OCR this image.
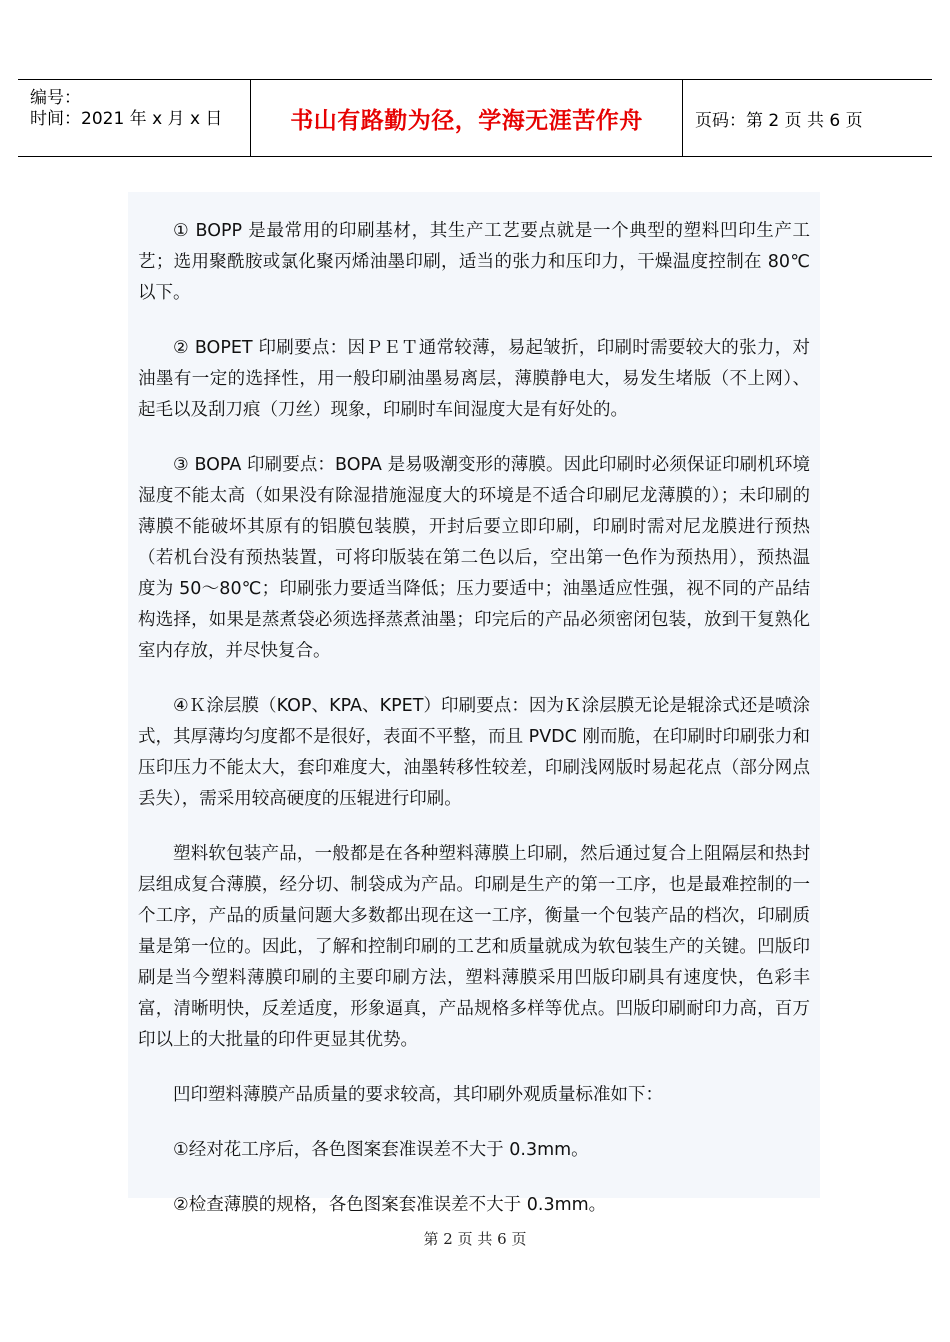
编号：
时间：2021 年 x 月 x 日	书山有路勤为径，学海无涯苦作舟	页码：第 2 页 共 6 页

① BOPP 是最常用的印刷基材，其生产工艺要点就是一个典型的塑料凹印生产工艺；选用聚酰胺或氯化聚丙烯油墨印刷，适当的张力和压印力，干燥温度控制在 80℃以下。

② BOPET 印刷要点：因ＰＥＴ通常较薄，易起皱折，印刷时需要较大的张力，对油墨有一定的选择性，用一般印刷油墨易离层，薄膜静电大，易发生堵版（不上网）、起毛以及刮刀痕（刀丝）现象，印刷时车间湿度大是有好处的。

③ BOPA 印刷要点：BOPA 是易吸潮变形的薄膜。因此印刷时必须保证印刷机环境湿度不能太高（如果没有除湿措施湿度大的环境是不适合印刷尼龙薄膜的）；未印刷的薄膜不能破坏其原有的铝膜包装膜，开封后要立即印刷，印刷时需对尼龙膜进行预热（若机台没有预热装置，可将印版装在第二色以后，空出第一色作为预热用），预热温度为 50～80℃；印刷张力要适当降低；压力要适中；油墨适应性强，视不同的产品结构选择，如果是蒸煮袋必须选择蒸煮油墨；印完后的产品必须密闭包装，放到干复熟化室内存放，并尽快复合。

④Ｋ涂层膜（KOP、KPA、KPET）印刷要点：因为Ｋ涂层膜无论是辊涂式还是喷涂式，其厚薄均匀度都不是很好，表面不平整，而且 PVDC 刚而脆，在印刷时印刷张力和压印压力不能太大，套印难度大，油墨转移性较差，印刷浅网版时易起花点（部分网点丢失），需采用较高硬度的压辊进行印刷。

塑料软包装产品，一般都是在各种塑料薄膜上印刷，然后通过复合上阻隔层和热封层组成复合薄膜，经分切、制袋成为产品。印刷是生产的第一工序，也是最难控制的一个工序，产品的质量问题大多数都出现在这一工序，衡量一个包装产品的档次，印刷质量是第一位的。因此，了解和控制印刷的工艺和质量就成为软包装生产的关键。凹版印刷是当今塑料薄膜印刷的主要印刷方法，塑料薄膜采用凹版印刷具有速度快，色彩丰富，清晰明快，反差适度，形象逼真，产品规格多样等优点。凹版印刷耐印力高，百万印以上的大批量的印件更显其优势。

凹印塑料薄膜产品质量的要求较高，其印刷外观质量标准如下：

①经对花工序后，各色图案套准误差不大于 0.3mm。

②检查薄膜的规格，各色图案套准误差不大于 0.3mm。

第 2 页 共 6 页
